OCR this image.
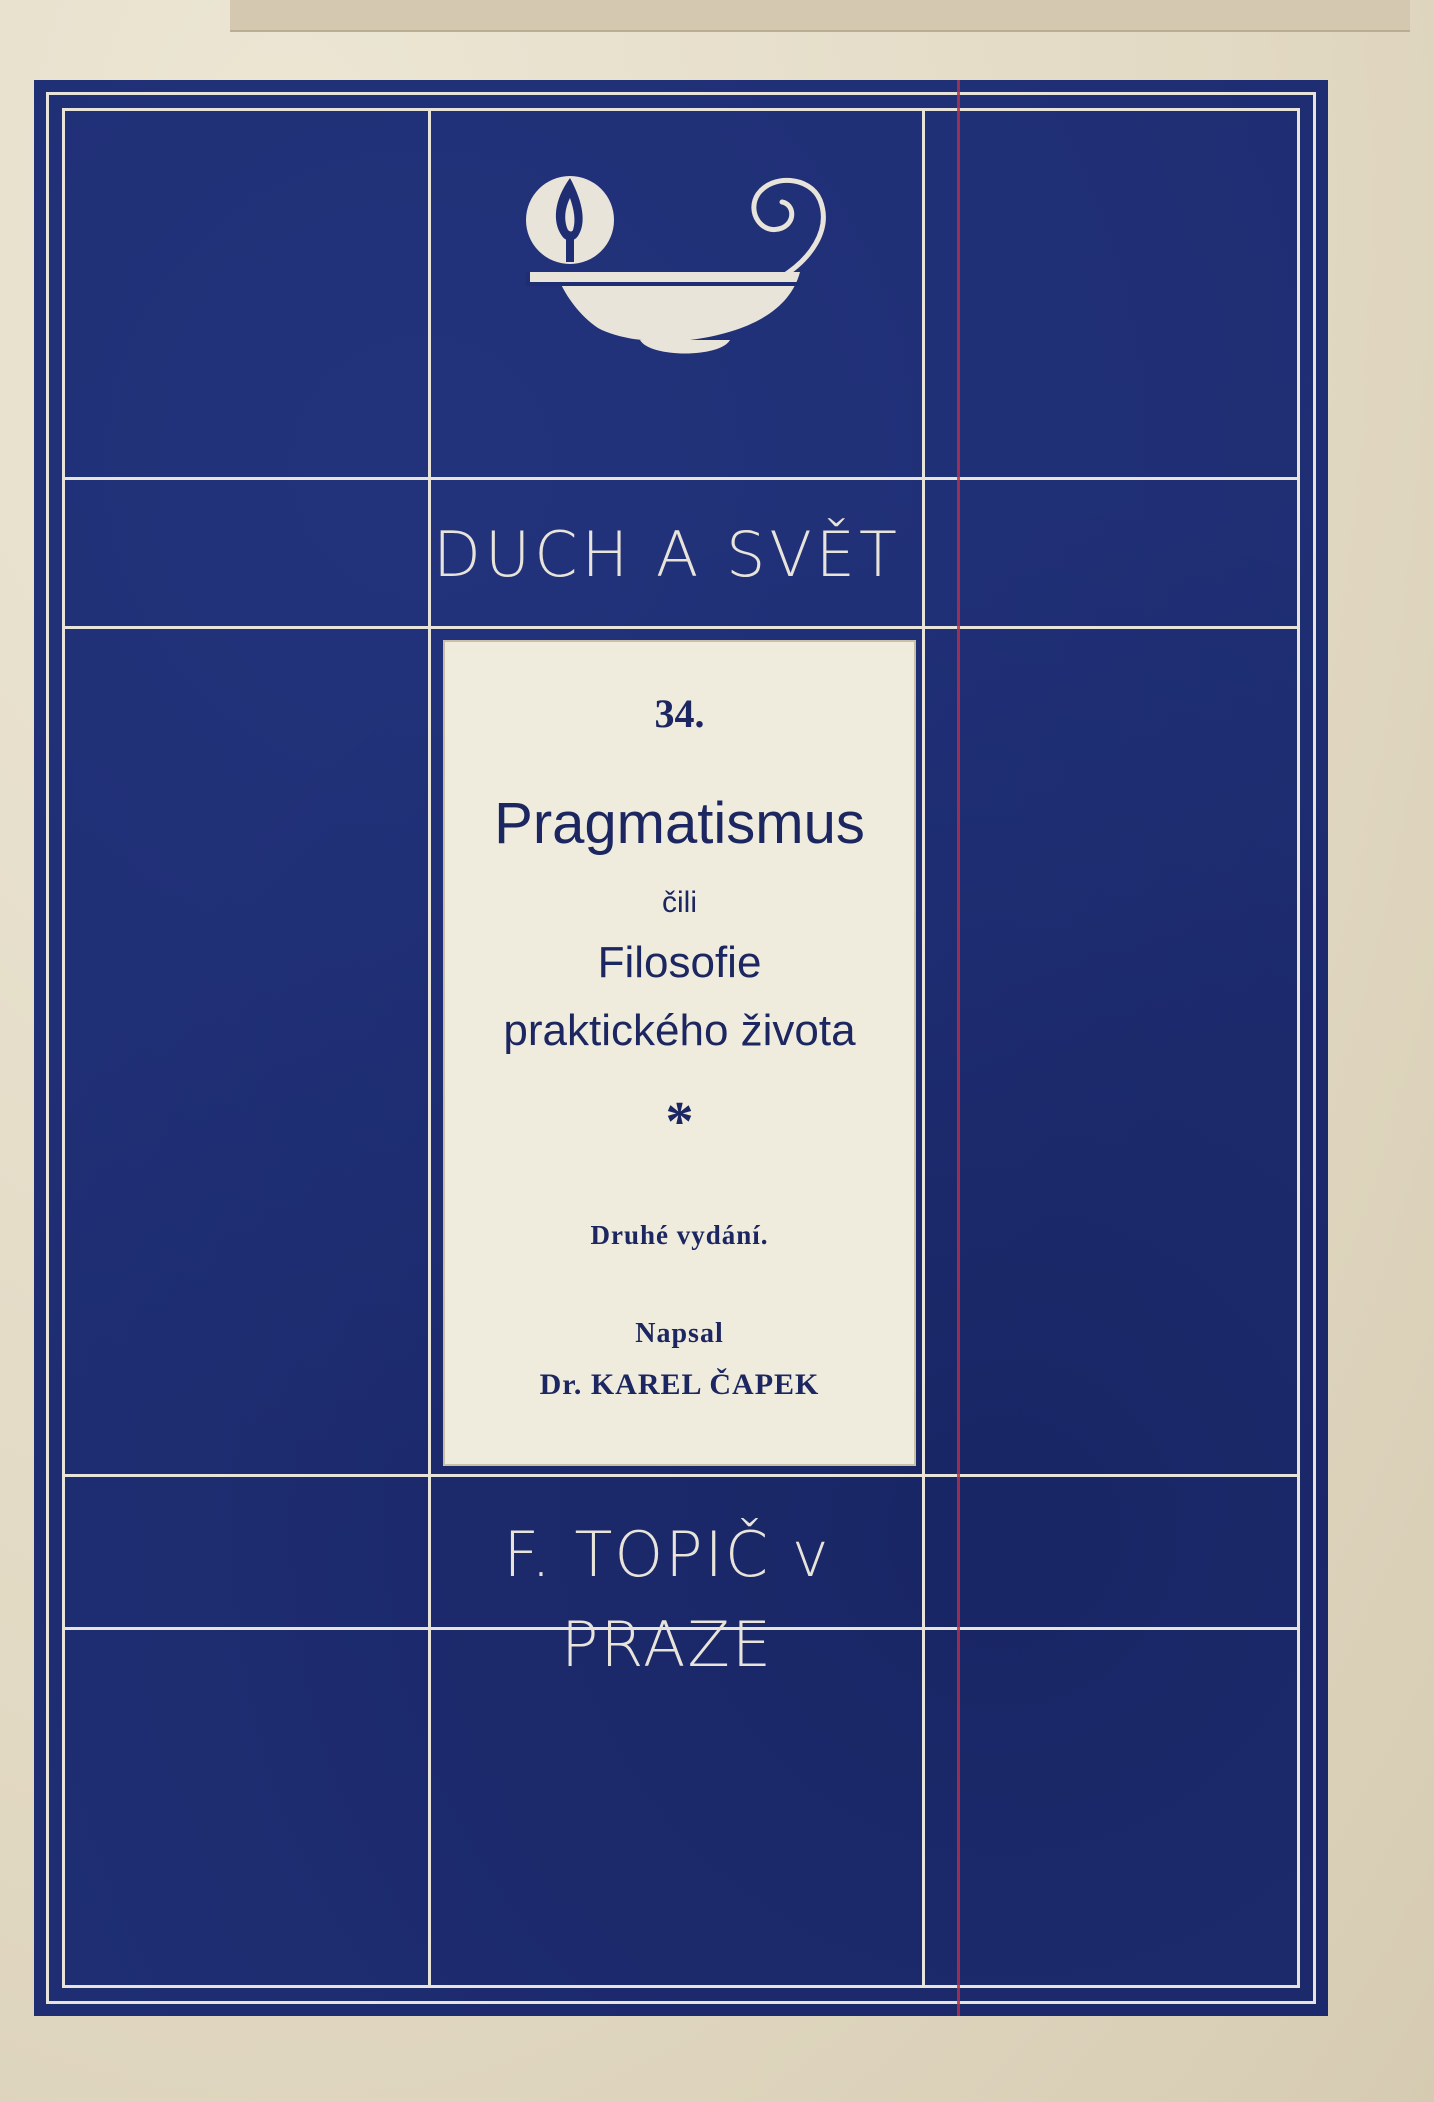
DUCH A SVĚT
34.
Pragmatismus
čili
Filosofie
praktického života
*
Druhé vydání.
Napsal
Dr. KAREL ČAPEK
F. TOPIČ v PRAZE
